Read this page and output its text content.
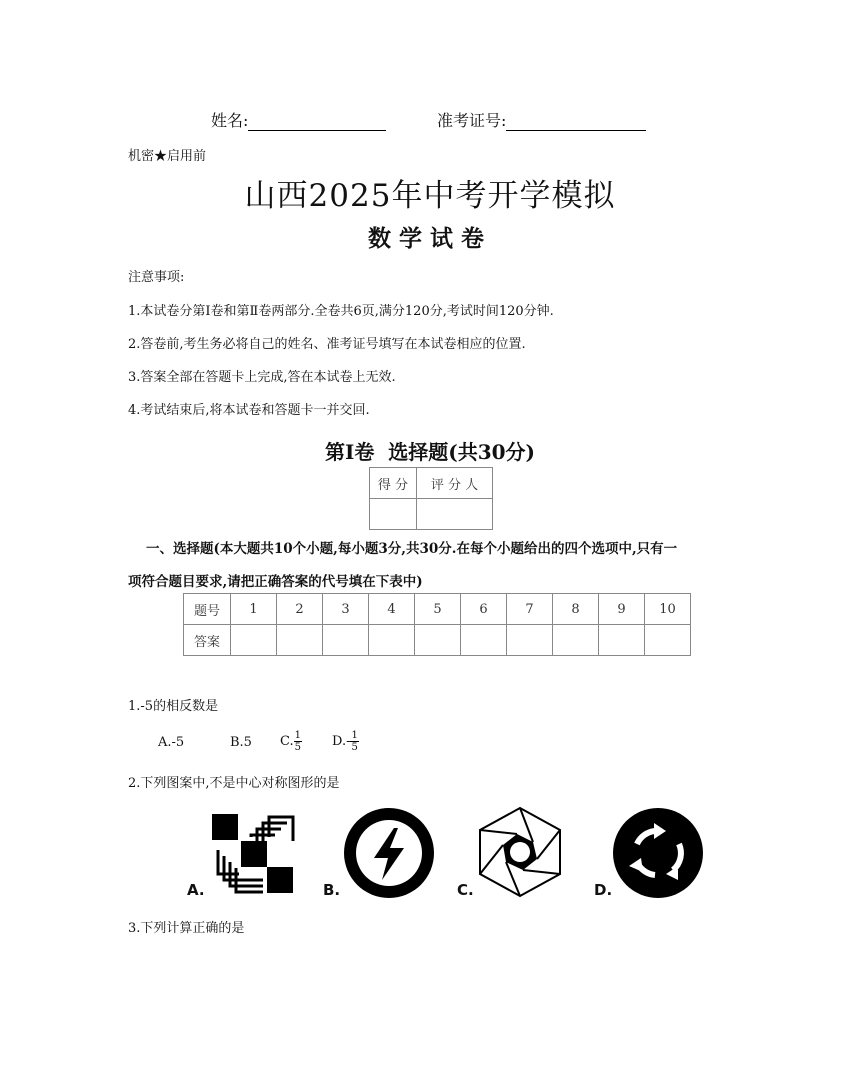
姓名:	准考证号:
机密★启用前
山西2025年中考开学模拟
数学试卷
注意事项:
1.本试卷分第Ⅰ卷和第Ⅱ卷两部分.全卷共6页,满分120分,考试时间120分钟.
2.答卷前,考生务必将自己的姓名、准考证号填写在本试卷相应的位置.
3.答案全部在答题卡上完成,答在本试卷上无效.
4.考试结束后,将本试卷和答题卡一并交回.
第Ⅰ卷  选择题(共30分)
得 分	评 分 人

一、选择题(本大题共10个小题,每小题3分,共30分.在每个小题给出的四个选项中,只有一
项符合题目要求,请把正确答案的代号填在下表中)
题号	1	2	3	4	5	6	7	8	9	10
答案										
1.-5的相反数是
A.-5	B.5 C. $\frac{1}{5} D.- \frac{1}{5}$
2.下列图案中,不是中心对称图形的是
A.	B.	C.	D.
3.下列计算正确的是
